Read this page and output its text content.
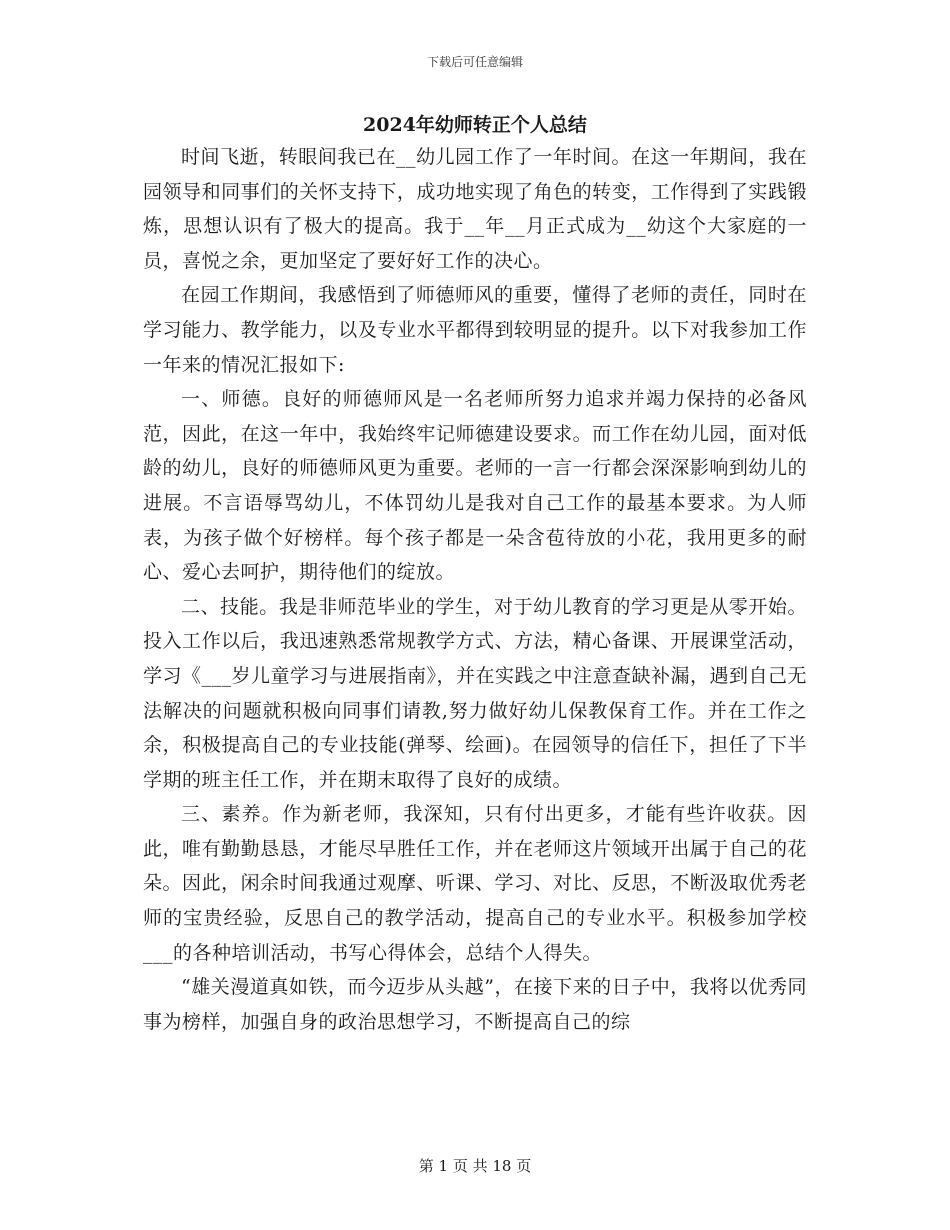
下载后可任意编辑
2024年幼师转正个人总结

时间飞逝，转眼间我已在__幼儿园工作了一年时间。在这一年期间，我在园领导和同事们的关怀支持下，成功地实现了角色的转变，工作得到了实践锻炼，思想认识有了极大的提高。我于__年__月正式成为__幼这个大家庭的一员，喜悦之余，更加坚定了要好好工作的决心。

在园工作期间，我感悟到了师德师风的重要，懂得了老师的责任，同时在学习能力、教学能力，以及专业水平都得到较明显的提升。以下对我参加工作一年来的情况汇报如下:

一、师德。良好的师德师风是一名老师所努力追求并竭力保持的必备风范，因此，在这一年中，我始终牢记师德建设要求。而工作在幼儿园，面对低龄的幼儿，良好的师德师风更为重要。老师的一言一行都会深深影响到幼儿的进展。不言语辱骂幼儿，不体罚幼儿是我对自己工作的最基本要求。为人师表，为孩子做个好榜样。每个孩子都是一朵含苞待放的小花，我用更多的耐心、爱心去呵护，期待他们的绽放。

二、技能。我是非师范毕业的学生，对于幼儿教育的学习更是从零开始。投入工作以后，我迅速熟悉常规教学方式、方法，精心备课、开展课堂活动，学习《___岁儿童学习与进展指南》，并在实践之中注意查缺补漏，遇到自己无法解决的问题就积极向同事们请教,努力做好幼儿保教保育工作。并在工作之余，积极提高自己的专业技能(弹琴、绘画)。在园领导的信任下，担任了下半学期的班主任工作，并在期末取得了良好的成绩。

三、素养。作为新老师，我深知，只有付出更多，才能有些许收获。因此，唯有勤勤恳恳，才能尽早胜任工作，并在老师这片领域开出属于自己的花朵。因此，闲余时间我通过观摩、听课、学习、对比、反思，不断汲取优秀老师的宝贵经验，反思自己的教学活动，提高自己的专业水平。积极参加学校___的各种培训活动，书写心得体会，总结个人得失。

“雄关漫道真如铁，而今迈步从头越”，在接下来的日子中，我将以优秀同事为榜样，加强自身的政治思想学习，不断提高自己的综

第 1 页 共 18 页
